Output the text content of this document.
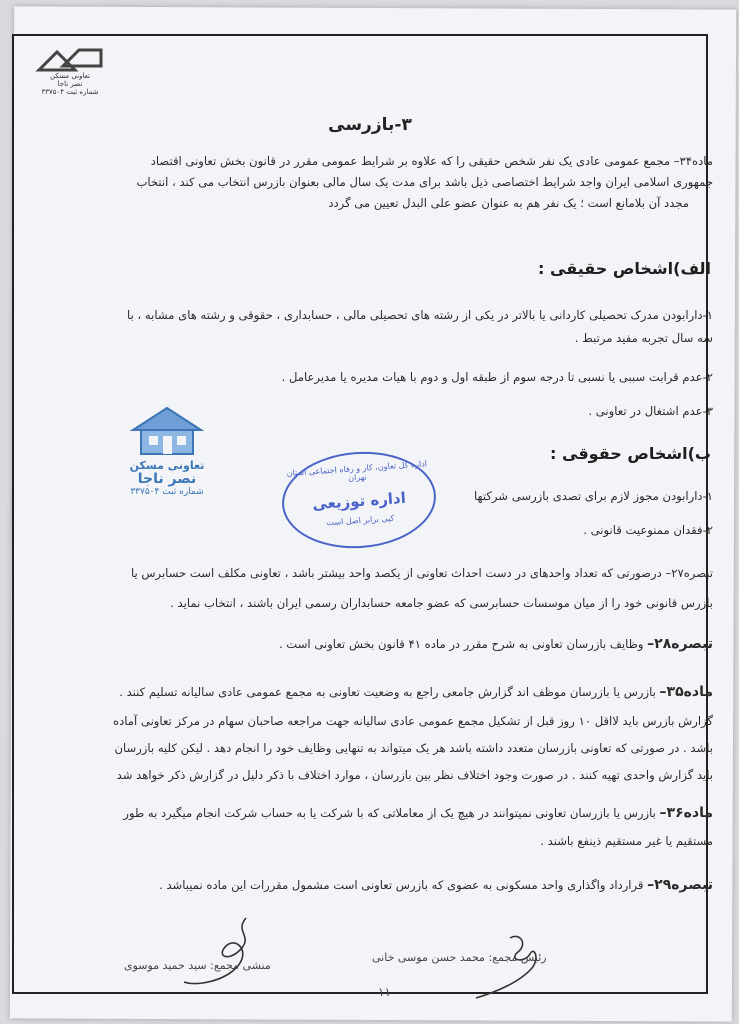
تعاونی مسکن
نصر ناجا
شماره ثبت ۳۳۷۵۰۴
۳-بازرسی
ماده۳۴– مجمع عمومی عادی یک نفر شخص حقیقی را که علاوه بر شرایط عمومی مقرر در قانون بخش تعاونی اقتصاد
جمهوری اسلامی ایران واجد شرایط اختصاصی ذیل باشد برای مدت یک سال مالی بعنوان بازرس انتخاب می کند ، انتخاب
مجدد آن بلامانع است ؛ یک نفر هم به عنوان عضو علی البدل تعیین می گردد
الف)اشخاص حقیقی :
۱-دارابودن مدرک تحصیلی کاردانی یا بالاتر در یکی از رشته های تحصیلی مالی ، حسابداری ، حقوقی و رشته های مشابه ، با
سه سال تجربه مفید مرتبط .
۲-عدم قرابت سببی یا نسبی تا درجه سوم از طبقه اول و دوم با هیات مدیره یا مدیرعامل .
۳-عدم اشتغال در تعاونی .
ب)اشخاص حقوقی :
۱-دارابودن مجوز لازم برای تصدی بازرسی شرکتها
۲-فقدان ممنوعیت قانونی .
تبصره۲۷– درصورتی که تعداد واحدهای در دست احداث تعاونی از یکصد واحد بیشتر باشد ، تعاونی مکلف است حسابرس یا
بازرس قانونی خود را از میان موسسات حسابرسی که عضو جامعه حسابداران رسمی ایران باشند ، انتخاب نماید .
تبصره۲۸– وظایف بازرسان تعاونی به شرح مقرر در ماده ۴۱ قانون بخش تعاونی است .
ماده۳۵– بازرس یا بازرسان موظف اند گزارش جامعی راجع به وضعیت تعاونی به مجمع عمومی عادی سالیانه تسلیم کنند .
گزارش بازرس باید لااقل ۱۰ روز قبل از تشکیل مجمع عمومی عادی سالیانه جهت مراجعه صاحبان سهام در مرکز تعاونی آماده
باشد . در صورتی که تعاونی بازرسان متعدد داشته باشد هر یک میتواند به تنهایی وظایف خود را انجام دهد . لیکن کلیه بازرسان
باید گزارش واحدی تهیه کنند . در صورت وجود اختلاف نظر بین بازرسان ، موارد اختلاف با ذکر دلیل در گزارش ذکر خواهد شد
ماده۳۶– بازرس یا بازرسان تعاونی نمیتوانند در هیچ یک از معاملاتی که با شرکت یا به حساب شرکت انجام میگیرد به طور
مستقیم یا غیر مستقیم ذینفع باشند .
تبصره۲۹– قرارداد واگذاری واحد مسکونی به عضوی که بازرس تعاونی است مشمول مقررات این ماده نمیباشد .
تعاونی مسکن
نصر ناجا
شماره ثبت ۳۳۷۵۰۴
اداره کل تعاون، کار و رفاه اجتماعی استان تهران
اداره توزیعی
کپی برابر اصل است
منشی مجمع: سید حمید موسوی
رئیس مجمع: محمد حسن موسی خانی
۱۱
